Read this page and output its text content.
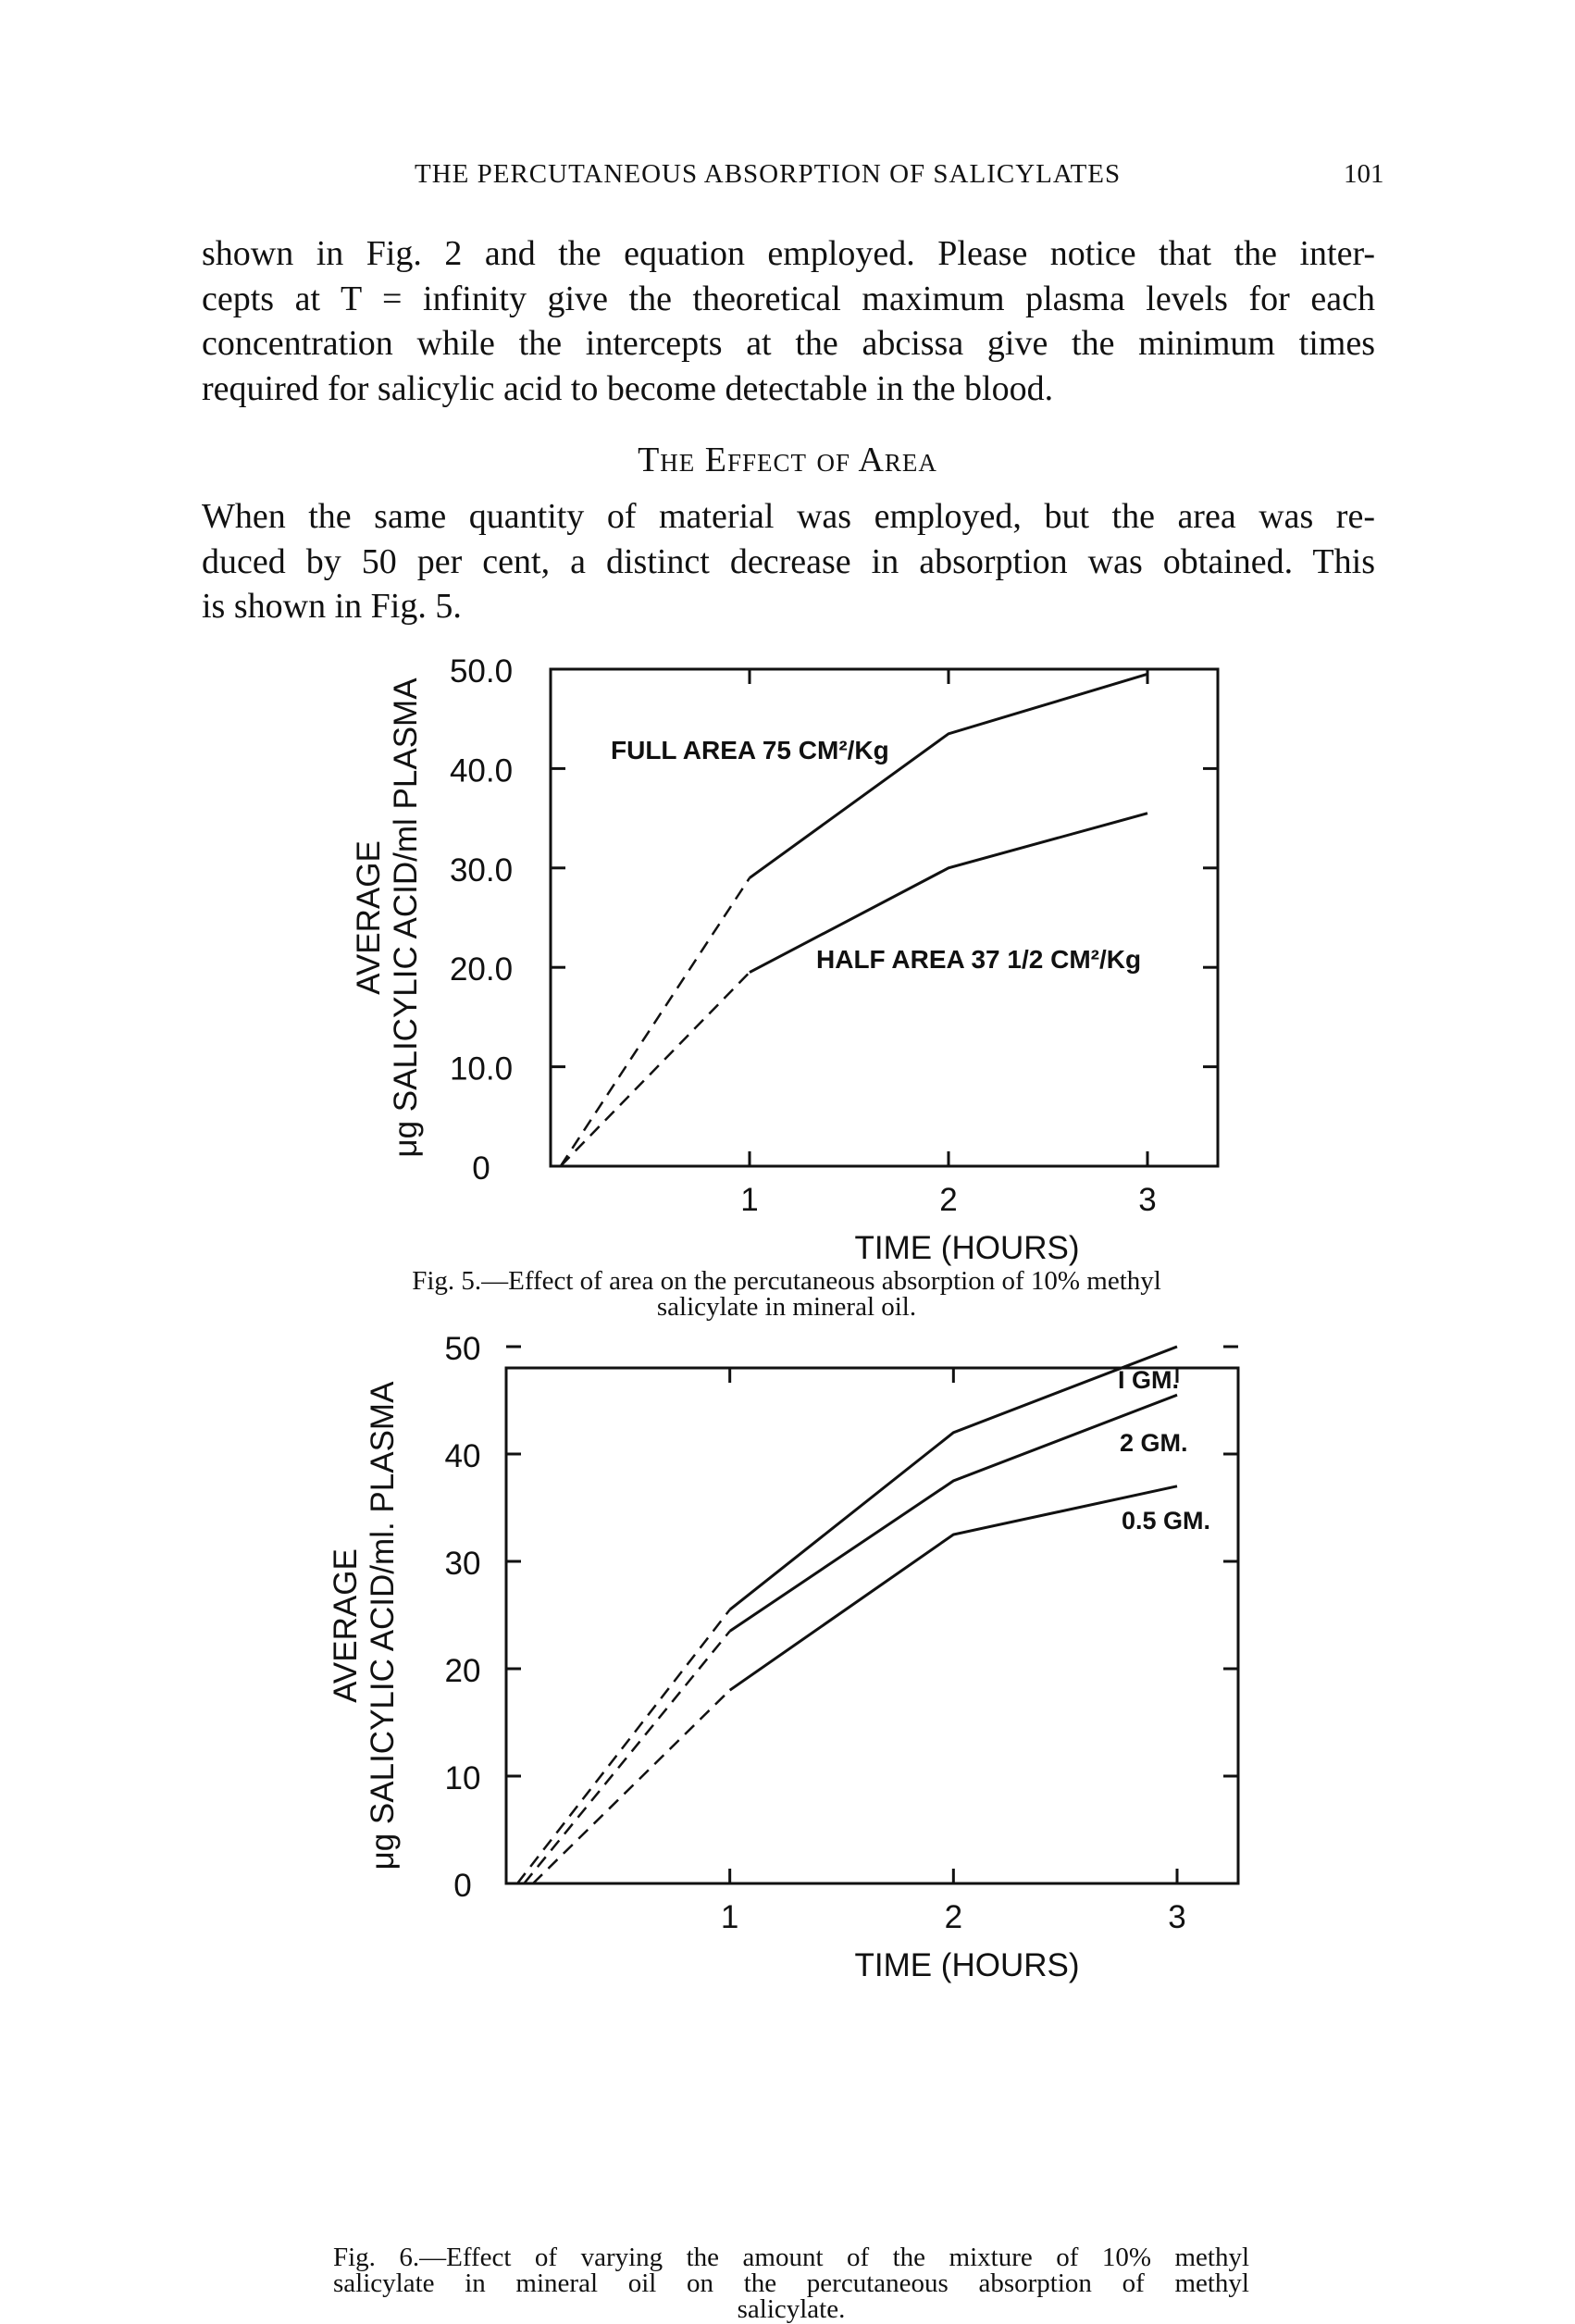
THE PERCUTANEOUS ABSORPTION OF SALICYLATES	101
shown in Fig. 2 and the equation employed. Please notice that the inter-
cepts at T = infinity give the theoretical maximum plasma levels for each
concentration while the intercepts at the abcissa give the minimum times
required for salicylic acid to become detectable in the blood.
The Effect of Area
When the same quantity of material was employed, but the area was re-
duced by 50 per cent, a distinct decrease in absorption was obtained. This
is shown in Fig. 5.
0
10.0
20.0
30.0
40.0
50.0
1	2	3
TIME (HOURS)
AVERAGE μg SALICYLIC ACID/ml PLASMA	FULL AREA 75 CM²/Kg
HALF AREA 37 1/2 CM²/Kg
Fig. 5.—Effect of area on the percutaneous absorption of 10% methyl
salicylate in mineral oil.
0
10
20
30
40
50
1	2	3
TIME (HOURS)
AVERAGE μg SALICYLIC ACID/ml. PLASMA
I GM.
2 GM.
0.5 GM.
Fig. 6.—Effect of varying the amount of the mixture of 10% methyl
salicylate in mineral oil on the percutaneous absorption of methyl
salicylate.
